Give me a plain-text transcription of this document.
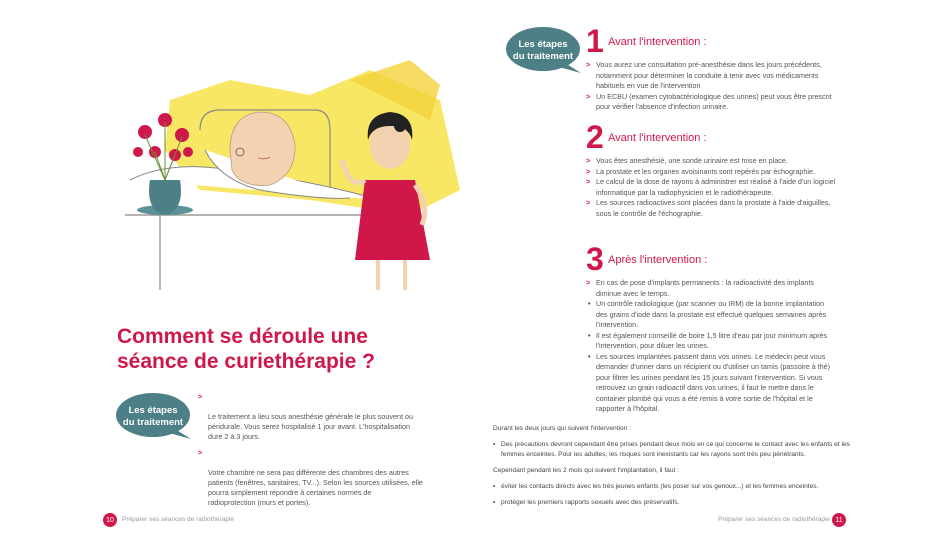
Comment se déroule une séance de curiethérapie ?
Les étapes
du traitement

>

Le traitement a lieu sous anesthésie générale le plus souvent ou
péridurale. Vous serez hospitalisé 1 jour avant. L'hospitalisation
dure 2 à 3 jours.

>

Votre chambre ne sera pas différente des chambres des autres
patients (fenêtres, sanitaires, TV...). Selon les sources utilisées, elle
pourra simplement répondre à certaines normes de
radioprotection (murs et portes).

10	Préparer ses séances de radiothérapie
Les étapes
du traitement 1 Avant l'intervention :
> Vous aurez une consultation pré-anesthésie dans les jours précédents, notamment pour déterminer la conduite à tenir avec vos médicaments habituels en vue de l'intervention
> Un ECBU (examen cytobactériologique des urines) peut vous être prescrit pour vérifier l'absence d'infection urinaire.
2 Avant l'intervention :
> Vous êtes anesthésié, une sonde urinaire est mise en place.
> La prostate et les organes avoisinants sont repérés par échographie.
> Le calcul de la dose de rayons à administrer est réalisé à l'aide d'un logiciel informatique par la radiophysicien et le radiothérapeute.
> Les sources radioactives sont placées dans la prostate à l'aide d'aiguilles, sous le contrôle de l'échographie.
3 Après l'intervention :
> En cas de pose d'implants permanents : la radioactivité des implants diminue avec le temps.
• Un contrôle radiologique (par scanner ou IRM) de la bonne implantation des grains d'iode dans la prostate est effectué quelques semaines après l'intervention.
• Il est également conseillé de boire 1,5 litre d'eau par jour minimum après l'intervention, pour diluer les urines.
• Les sources implantées passent dans vos urines. Le médecin peut vous demander d'uriner dans un récipient ou d'utiliser un tamis (passoire à thé) pour filtrer les urines pendant les 15 jours suivant l'intervention. Si vous retrouvez un grain radioactif dans vos urines, il faut le mettre dans le container plombé qui vous a été remis à votre sortie de l'hôpital et le rapporter à l'hôpital.
Durant les deux jours qui suivent l'intervention :
• Des précautions devront cependant être prises pendant deux mois en ce qui concerne le contact avec les enfants et les femmes enceintes. Pour les adultes, les risques sont inexistants car les rayons sont très peu pénétrants.
Cependant pendant les 2 mois qui suivent l'implantation, il faut :
• éviter les contacts directs avec les très jeunes enfants (les poser sur vos genoux...) et les femmes enceintes.
• protéger les premiers rapports sexuels avec des préservatifs.
Préparer ses séances de radiothérapie 11
